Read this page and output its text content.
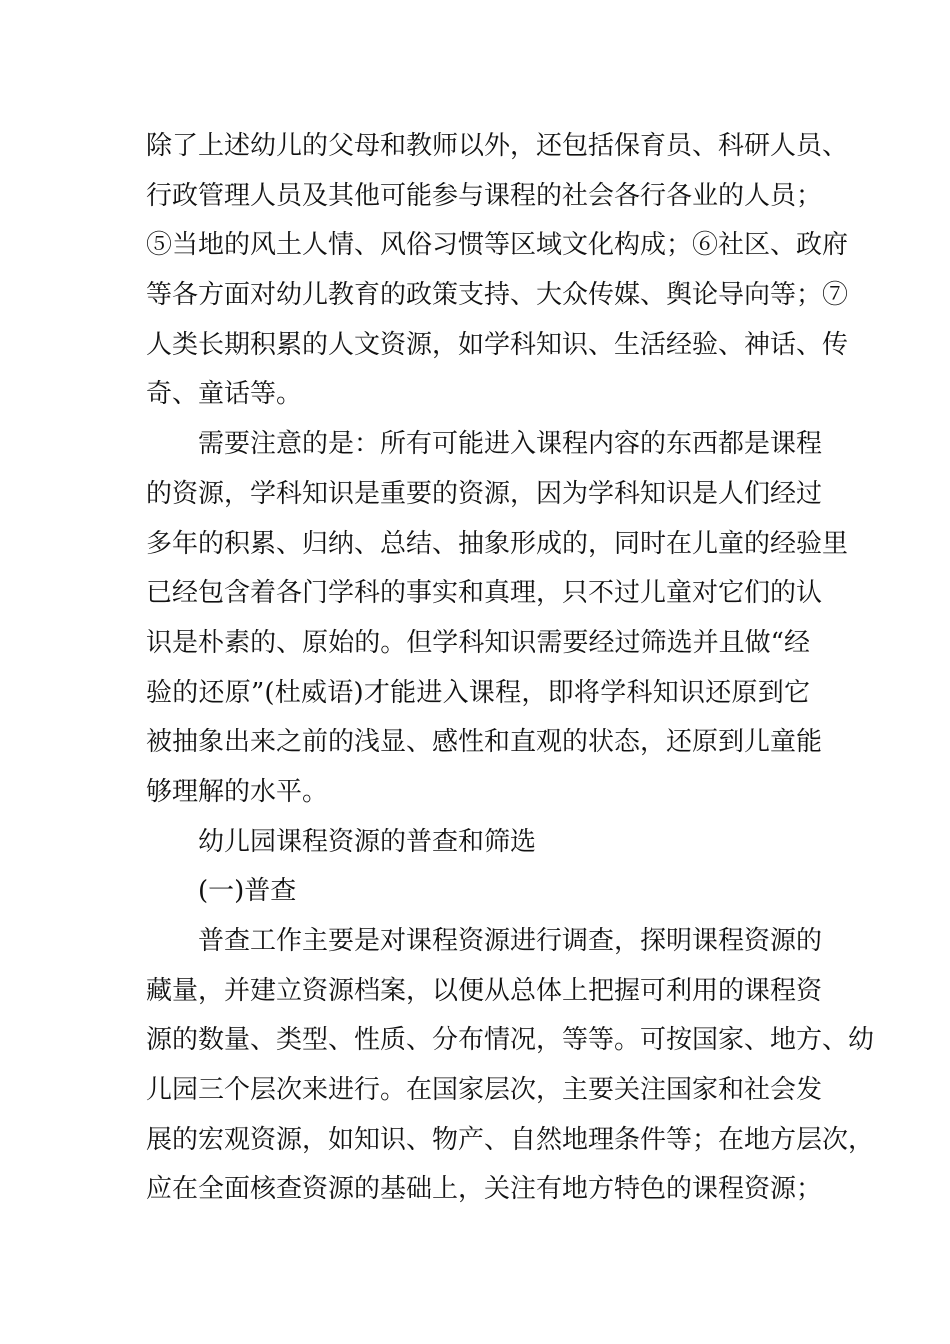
除了上述幼儿的父母和教师以外，还包括保育员、科研人员、
行政管理人员及其他可能参与课程的社会各行各业的人员；
⑤当地的风土人情、风俗习惯等区域文化构成；⑥社区、政府
等各方面对幼儿教育的政策支持、大众传媒、舆论导向等；⑦
人类长期积累的人文资源，如学科知识、生活经验、神话、传
奇、童话等。
需要注意的是：所有可能进入课程内容的东西都是课程
的资源，学科知识是重要的资源，因为学科知识是人们经过
多年的积累、归纳、总结、抽象形成的，同时在儿童的经验里
已经包含着各门学科的事实和真理，只不过儿童对它们的认
识是朴素的、原始的。但学科知识需要经过筛选并且做“经
验的还原”(杜威语)才能进入课程，即将学科知识还原到它
被抽象出来之前的浅显、感性和直观的状态，还原到儿童能
够理解的水平。
幼儿园课程资源的普查和筛选
(一)普查
普查工作主要是对课程资源进行调查，探明课程资源的
藏量，并建立资源档案，以便从总体上把握可利用的课程资
源的数量、类型、性质、分布情况，等等。可按国家、地方、幼
儿园三个层次来进行。在国家层次，主要关注国家和社会发
展的宏观资源，如知识、物产、自然地理条件等；在地方层次，
应在全面核查资源的基础上，关注有地方特色的课程资源；
